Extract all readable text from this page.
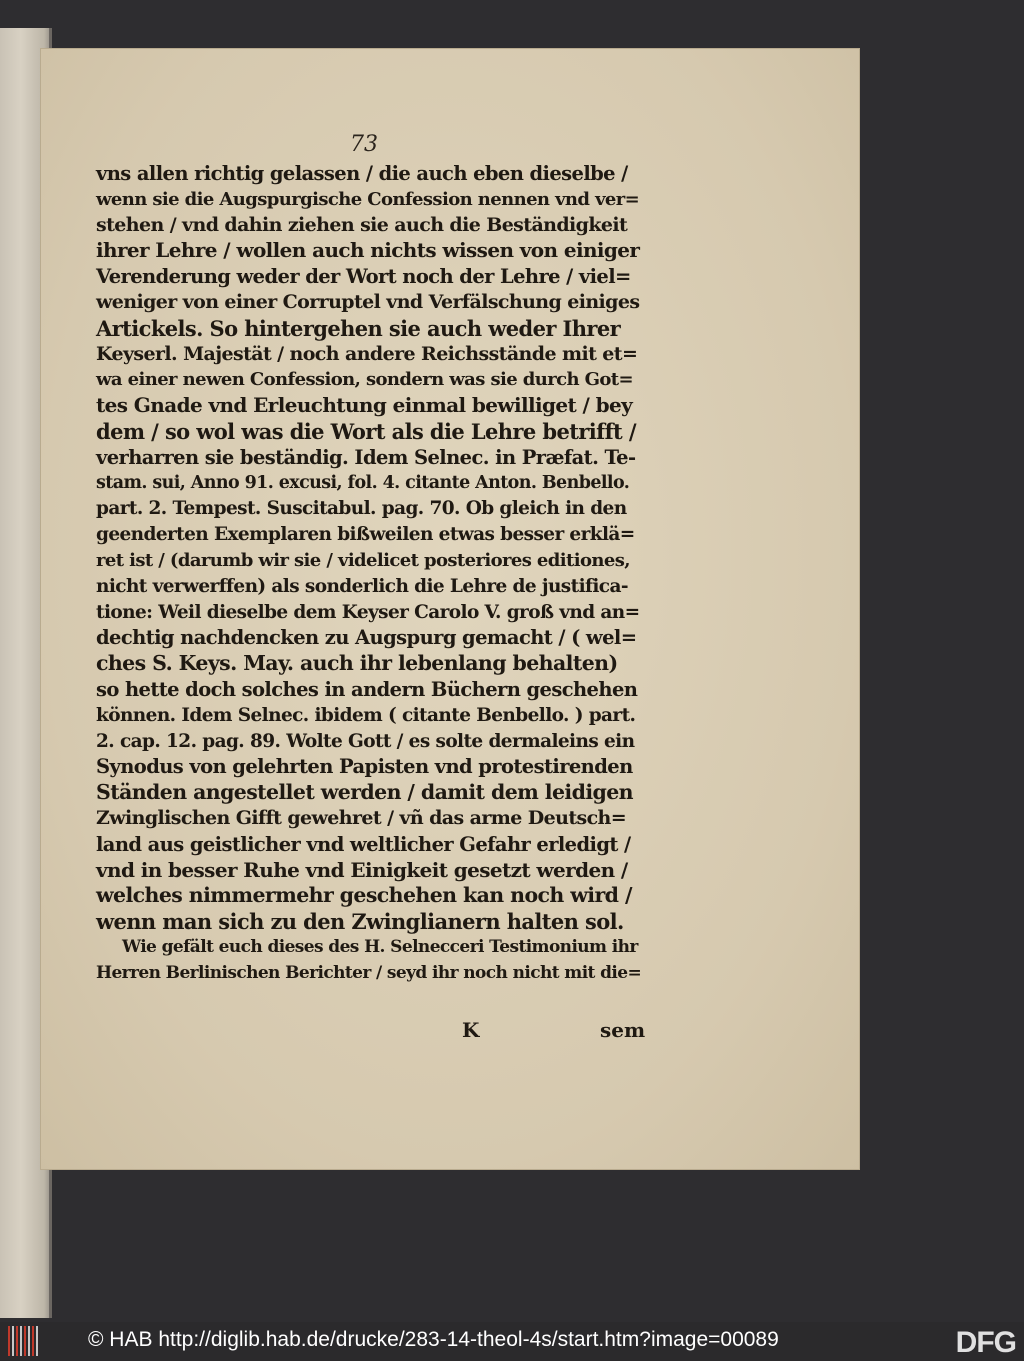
73
vns allen richtig gelassen / die auch eben dieselbe /
wenn sie die Augspurgische Confession nennen vnd ver=
stehen / vnd dahin ziehen sie auch die Beständigkeit
ihrer Lehre / wollen auch nichts wissen von einiger
Verenderung weder der Wort noch der Lehre / viel=
weniger von einer Corruptel vnd Verfälschung einiges
Artickels. So hintergehen sie auch weder Ihrer
Keyserl. Majestät / noch andere Reichsstände mit et=
wa einer newen Confession, sondern was sie durch Got=
tes Gnade vnd Erleuchtung einmal bewilliget / bey
dem / so wol was die Wort als die Lehre betrifft /
verharren sie beständig. Idem Selnec. in Præfat. Te-
stam. sui, Anno 91. excusi, fol. 4. citante Anton. Benbello.
part. 2. Tempest. Suscitabul. pag. 70. Ob gleich in den
geenderten Exemplaren bißweilen etwas besser erklä=
ret ist / (darumb wir sie / videlicet posteriores editiones,
nicht verwerffen) als sonderlich die Lehre de justifica-
tione: Weil dieselbe dem Keyser Carolo V. groß vnd an=
dechtig nachdencken zu Augspurg gemacht / ( wel=
ches S. Keys. May. auch ihr lebenlang behalten)
so hette doch solches in andern Büchern geschehen
können. Idem Selnec. ibidem ( citante Benbello. ) part.
2. cap. 12. pag. 89. Wolte Gott / es solte dermaleins ein
Synodus von gelehrten Papisten vnd protestirenden
Ständen angestellet werden / damit dem leidigen
Zwinglischen Gifft gewehret / vñ das arme Deutsch=
land aus geistlicher vnd weltlicher Gefahr erledigt /
vnd in besser Ruhe vnd Einigkeit gesetzt werden /
welches nimmermehr geschehen kan noch wird /
wenn man sich zu den Zwinglianern halten sol.
Wie gefält euch dieses des H. Selnecceri Testimonium ihr
Herren Berlinischen Berichter / seyd ihr noch nicht mit die=
K	sem
© HAB http://diglib.hab.de/drucke/283-14-theol-4s/start.htm?image=00089	DFG
